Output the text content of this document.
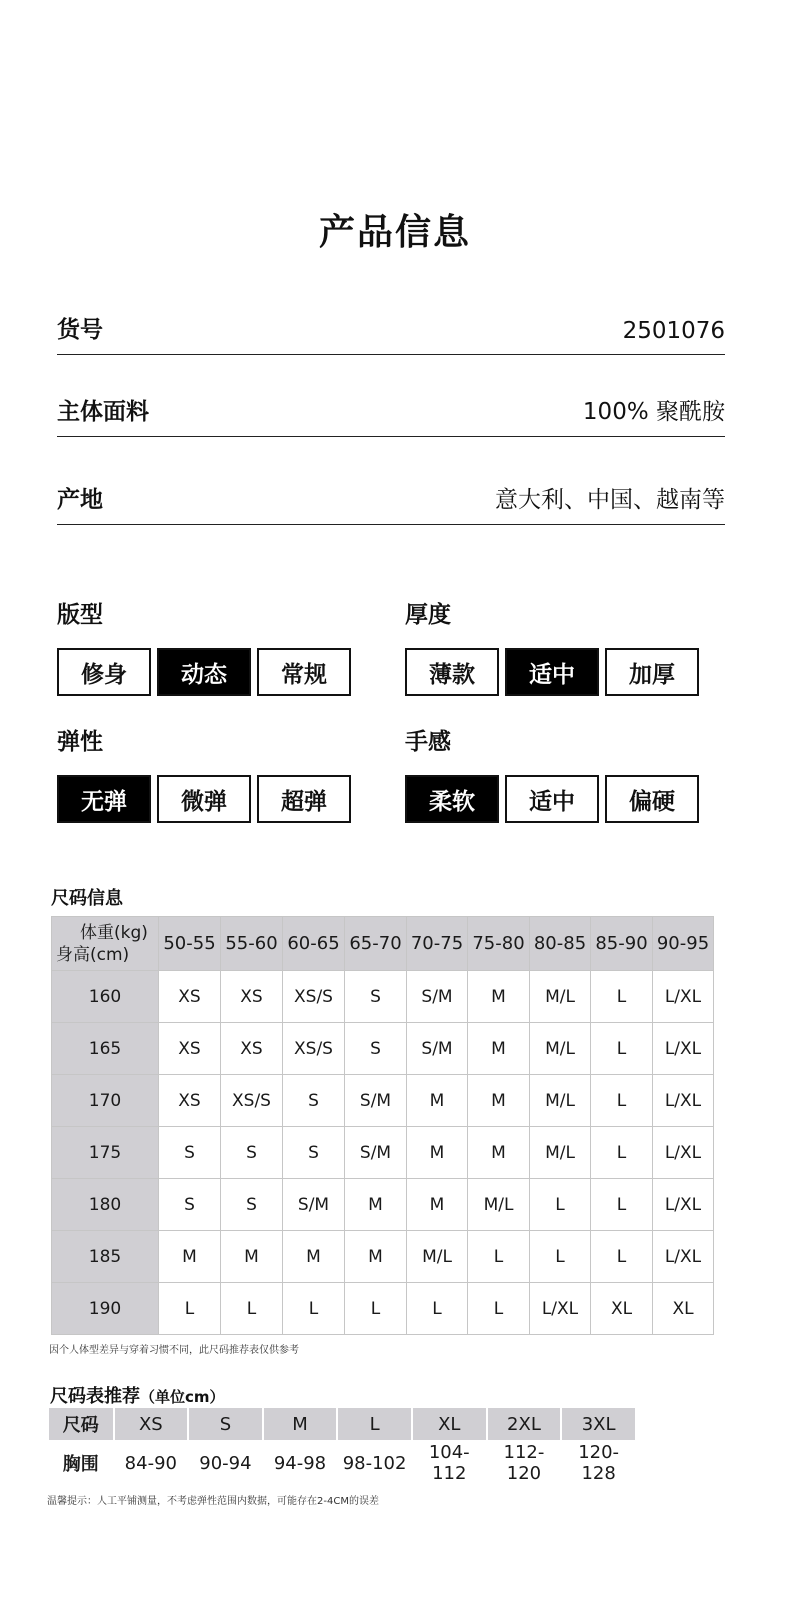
产品信息
货号	2501076
主体面料	100% 聚酰胺
产地	意大利、中国、越南等
版型
修身	动态	常规
厚度
薄款	适中	加厚
弹性
无弹	微弹	超弹
手感
柔软	适中	偏硬
尺码信息
体重(kg)
身高(cm)	50-55	55-60	60-65	65-70	70-75	75-80	80-85	85-90	90-95
160	XS	XS	XS/S	S	S/M	M	M/L	L	L/XL
165	XS	XS	XS/S	S	S/M	M	M/L	L	L/XL
170	XS	XS/S	S	S/M	M	M	M/L	L	L/XL
175	S	S	S	S/M	M	M	M/L	L	L/XL
180	S	S	S/M	M	M	M/L	L	L	L/XL
185	M	M	M	M	M/L	L	L	L	L/XL
190	L	L	L	L	L	L	L/XL	XL	XL
因个人体型差异与穿着习惯不同，此尺码推荐表仅供参考
尺码表推荐（单位cm）
尺码	XS	S	M	L	XL	2XL	3XL
胸围	84-90	90-94	94-98	98-102	104-112	112-120	120-128
温馨提示：人工平铺测量，不考虑弹性范围内数据，可能存在2-4CM的误差
